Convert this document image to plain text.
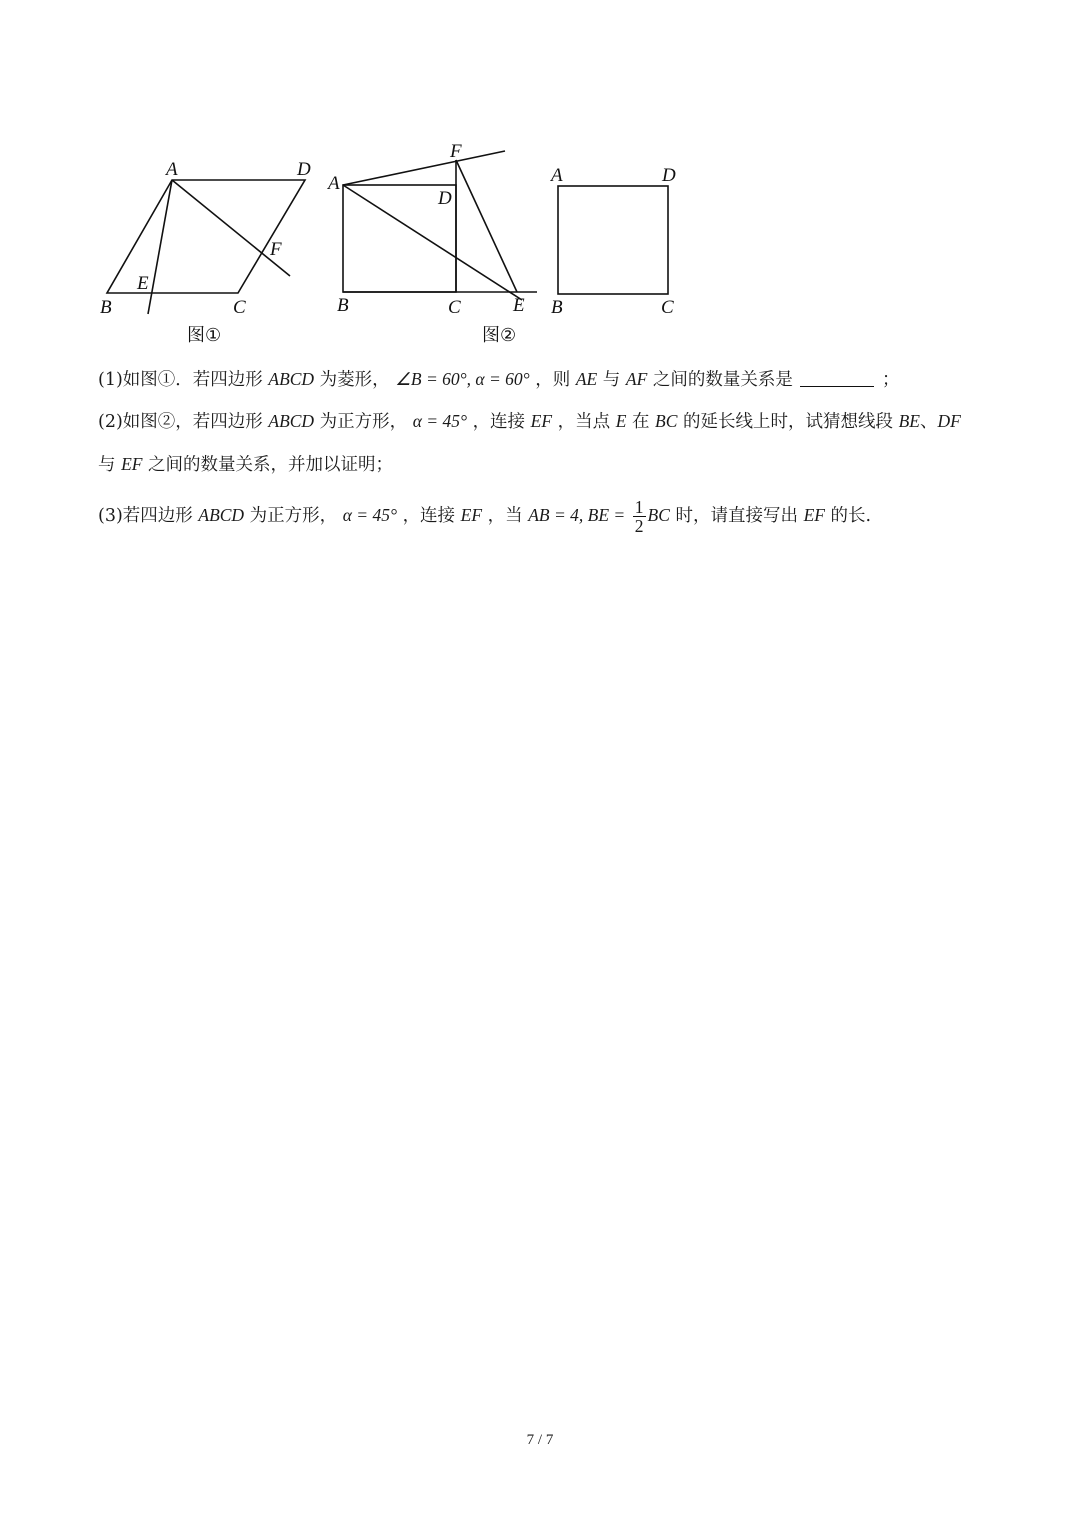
A	D
F
E
B	C
图①
F
A
D
B	C	E
图②
A	D
B	C
(1)如图①．若四边形 ABCD 为菱形， ∠B = 60°, α = 60° ，则 AE 与 AF 之间的数量关系是	；
(2)如图②，若四边形 ABCD 为正方形， α = 45° ，连接 EF ，当点 E 在 BC 的延长线上时，试猜想线段 BE、DF
与 EF 之间的数量关系，并加以证明；
(3)若四边形 ABCD 为正方形， α = 45° ，连接 EF ，当 AB = 4, BE = $\frac{1}{2}$ BC 时，请直接写出 EF 的长.
7 / 7
